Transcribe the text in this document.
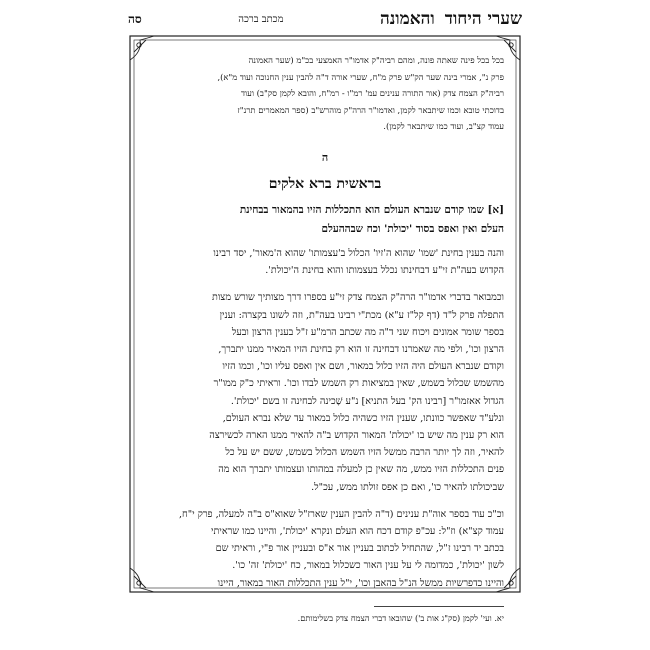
שערי היחוד
והאמונה
מכתב ברכה
סה

בכל בכל פינה שאתה פונה, ומהם רביה"ק אדמו"ר האמצעי בכ"מ (שער האמונה

פרק נ", אמרי בינה שער הק"ש פרק מ"ח, שערי אורה ד"ה להבין ענין החנוכה ועוד מ"א),

רביה"ק הצמח צדק (אור התורה ענינים עמ' רמ"ו - רמ"ח, והובא לקמן סק"ב) ועוד

בדוכתי טובא וכמו שיתבאר לקמן, ואדמו"ר הרה"ק מוהרש"ב (ספר המאמרים תרנ"ז

עמוד קצ"ב, ועוד כמו שיתבאר לקמן).

ה
בראשית ברא אלקים

[א] שמו קודם שנברא העולם הוא התכללות הזיו בהמאור בבחינת

העלם ואין ואפס בסוד 'יכולת' וכח שבההעלם

והנה בענין בחינת 'שמו' שהוא ה'זיו' הכלול ב'עצמותו' שהוא ה'מאור', יסד רבינו

הקדוש בעה"ת זי"ע דבחינתו נכלל בעצמותו והוא בחינת ה'יכולת'.

וכמבואר בדברי אדמו"ר הרה"ק הצמח צדק זי"ע בספרו דרך מצותיך שורש מצות

התפלה פרק ל"ד (דף קל"ז ע"א) מכת"י רבינו בעה"ת, וזה לשונו בקצרה: וענין

בספר שומר אמונים ויכוח שני ד"ה מה שכתב הרמ"ע ז"ל בענין הרצון ובעל

הרצון וכו', ולפי מה שאמרנו דבחינה זו הוא רק בחינת הזיו המאיר ממנו יתברך,

וקודם שנברא העולם היה הזיו כלול במאור, ושם אין ואפס עליו וכו', וכמו הזיו

מהשמש שכלול בשמש, שאין במציאות רק השמש לבדו וכו'. וראיתי כ"ק ממו"ר

הגדול אאזמו"ר [רבינו הק' בעל התניא] נ"ע שָׁכינה לבחינה זו בשם 'יכולת'.

ונלע"ד שאפשר כוונתו, שענין הזיו כשהיה כלול במאור עד שלא נברא העולם,

הוא רק ענין מה שיש בו 'יכולת' המאור הקדוש ב"ה להאיר ממנו הארה לכשירצה

להאיר, וזה לך יותר הרבה ממשל הזיו השמש הכלול בשמש, ששם יש על כל

פנים התכללות הזיו ממש, מה שאין כן למעלה במהותו ועצמותו יתברך הוא מה

שביכולתו להאיר כו', ואם כן אפס זולתו ממש, עכ"ל.

וכ"כ עוד בספר אוה"ת ענינים (ד"ה להבין הענין שארז"ל שאוא"ס ב"ה למעלה, פרק י"ח,

עמוד קצ"א) וז"ל: עכ"פ קודם דכח הוא העלם ונקרא 'יכולת', והיינו כמו שראיתי

בכתב יד רבינו ז"ל, שהתחיל לכתוב בעניין אור א"ס ובעניין אור פ"י, וראיתי שם

לשון 'יכולת', כמדומה לי על ענין האור כשכלול במאור, כח 'יכולת' זה' כו'.

והיינו כדפרשיות ממשל הנ"ל בהאבן וכו', י"ל ענין התכללות האור במאור, היינו

יא. ועי' לקמן (סק"ג אות ב') שהובאו דברי הצמח צדק בשלימותם.
